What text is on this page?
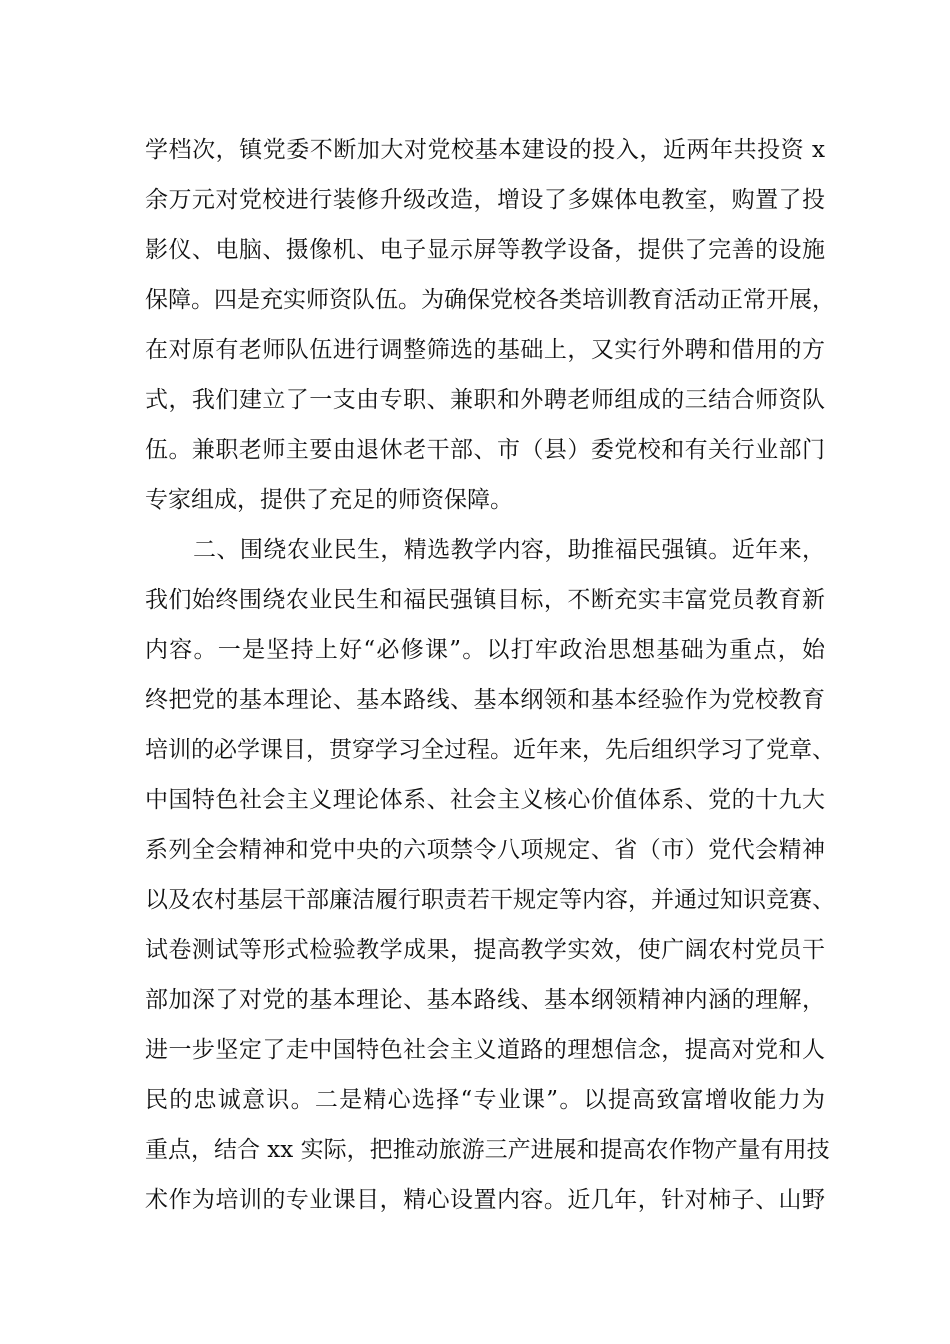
学档次，镇党委不断加大对党校基本建设的投入，近两年共投资 x
余万元对党校进行装修升级改造，增设了多媒体电教室，购置了投
影仪、电脑、摄像机、电子显示屏等教学设备，提供了完善的设施
保障。四是充实师资队伍。为确保党校各类培训教育活动正常开展，
在对原有老师队伍进行调整筛选的基础上，又实行外聘和借用的方
式，我们建立了一支由专职、兼职和外聘老师组成的三结合师资队
伍。兼职老师主要由退休老干部、市（县）委党校和有关行业部门
专家组成，提供了充足的师资保障。
二、围绕农业民生，精选教学内容，助推福民强镇。近年来，
我们始终围绕农业民生和福民强镇目标，不断充实丰富党员教育新
内容。一是坚持上好“必修课”。以打牢政治思想基础为重点，始
终把党的基本理论、基本路线、基本纲领和基本经验作为党校教育
培训的必学课目，贯穿学习全过程。近年来，先后组织学习了党章、
中国特色社会主义理论体系、社会主义核心价值体系、党的十九大
系列全会精神和党中央的六项禁令八项规定、省（市）党代会精神
以及农村基层干部廉洁履行职责若干规定等内容，并通过知识竞赛、
试卷测试等形式检验教学成果，提高教学实效，使广阔农村党员干
部加深了对党的基本理论、基本路线、基本纲领精神内涵的理解，
进一步坚定了走中国特色社会主义道路的理想信念，提高对党和人
民的忠诚意识。二是精心选择“专业课”。以提高致富增收能力为
重点，结合 xx 实际，把推动旅游三产进展和提高农作物产量有用技
术作为培训的专业课目，精心设置内容。近几年，针对柿子、山野
